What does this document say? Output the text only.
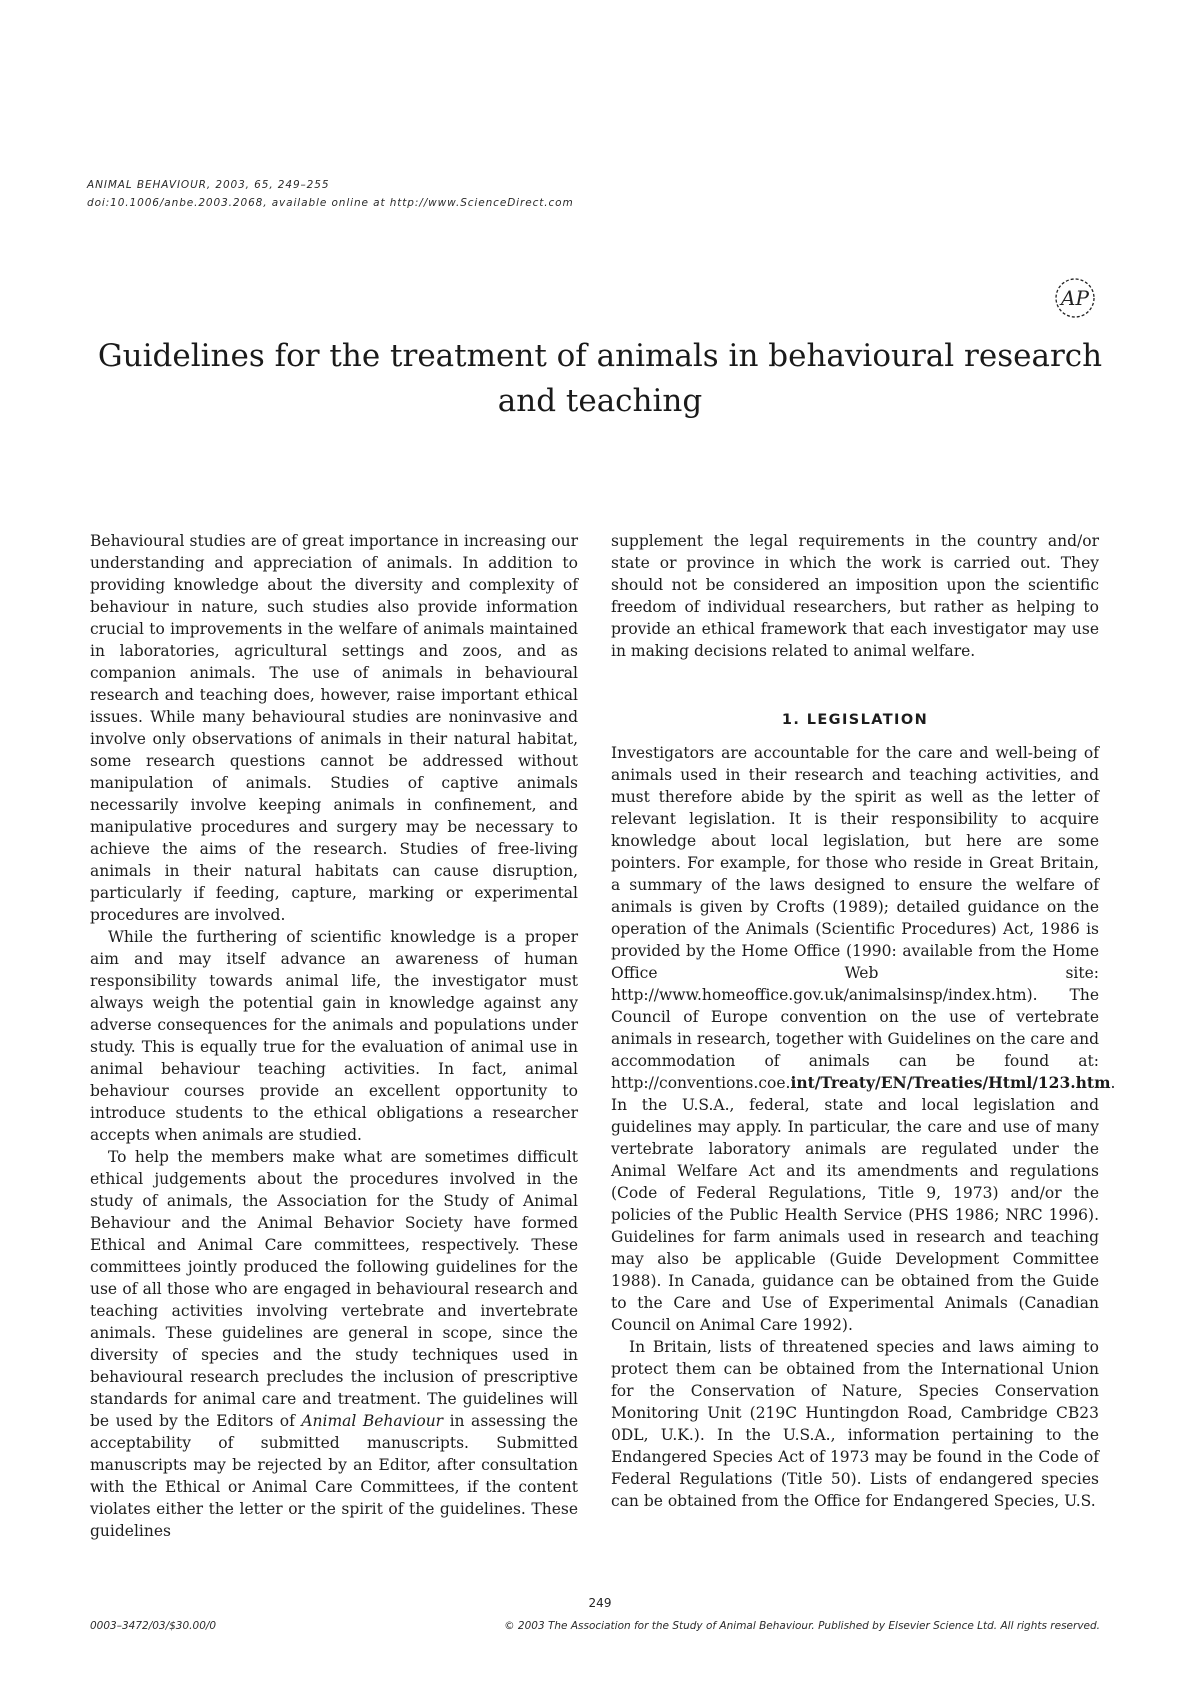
ANIMAL BEHAVIOUR, 2003, 65, 249–255
doi:10.1006/anbe.2003.2068, available online at http://www.ScienceDirect.com
AP
Guidelines for the treatment of animals in behavioural research and teaching

Behavioural studies are of great importance in increasing our understanding and appreciation of animals. In addition to providing knowledge about the diversity and complexity of behaviour in nature, such studies also provide information crucial to improvements in the welfare of animals maintained in laboratories, agricultural settings and zoos, and as companion animals. The use of animals in behavioural research and teaching does, however, raise important ethical issues. While many behavioural studies are noninvasive and involve only observations of animals in their natural habitat, some research questions cannot be addressed without manipulation of animals. Studies of captive animals necessarily involve keeping animals in confinement, and manipulative procedures and surgery may be necessary to achieve the aims of the research. Studies of free-living animals in their natural habitats can cause disruption, particularly if feeding, capture, marking or experimental procedures are involved.

While the furthering of scientific knowledge is a proper aim and may itself advance an awareness of human responsibility towards animal life, the investigator must always weigh the potential gain in knowledge against any adverse consequences for the animals and populations under study. This is equally true for the evaluation of animal use in animal behaviour teaching activities. In fact, animal behaviour courses provide an excellent opportunity to introduce students to the ethical obligations a researcher accepts when animals are studied.

To help the members make what are sometimes difficult ethical judgements about the procedures involved in the study of animals, the Association for the Study of Animal Behaviour and the Animal Behavior Society have formed Ethical and Animal Care committees, respectively. These committees jointly produced the following guidelines for the use of all those who are engaged in behavioural research and teaching activities involving vertebrate and invertebrate animals. These guidelines are general in scope, since the diversity of species and the study techniques used in behavioural research precludes the inclusion of prescriptive standards for animal care and treatment. The guidelines will be used by the Editors of Animal Behaviour in assessing the acceptability of submitted manuscripts. Submitted manuscripts may be rejected by an Editor, after consultation with the Ethical or Animal Care Committees, if the content violates either the letter or the spirit of the guidelines. These guidelines

supplement the legal requirements in the country and/or state or province in which the work is carried out. They should not be considered an imposition upon the scientific freedom of individual researchers, but rather as helping to provide an ethical framework that each investigator may use in making decisions related to animal welfare.

1. LEGISLATION

Investigators are accountable for the care and well-being of animals used in their research and teaching activities, and must therefore abide by the spirit as well as the letter of relevant legislation. It is their responsibility to acquire knowledge about local legislation, but here are some pointers. For example, for those who reside in Great Britain, a summary of the laws designed to ensure the welfare of animals is given by Crofts (1989); detailed guidance on the operation of the Animals (Scientific Procedures) Act, 1986 is provided by the Home Office (1990: available from the Home Office Web site: http://www.homeoffice.gov.uk/animalsinsp/index.htm). The Council of Europe convention on the use of vertebrate animals in research, together with Guidelines on the care and accommodation of animals can be found at: http://conventions.coe.int/Treaty/EN/Treaties/Html/123.htm. In the U.S.A., federal, state and local legislation and guidelines may apply. In particular, the care and use of many vertebrate laboratory animals are regulated under the Animal Welfare Act and its amendments and regulations (Code of Federal Regulations, Title 9, 1973) and/or the policies of the Public Health Service (PHS 1986; NRC 1996). Guidelines for farm animals used in research and teaching may also be applicable (Guide Development Committee 1988). In Canada, guidance can be obtained from the Guide to the Care and Use of Experimental Animals (Canadian Council on Animal Care 1992).

In Britain, lists of threatened species and laws aiming to protect them can be obtained from the International Union for the Conservation of Nature, Species Conservation Monitoring Unit (219C Huntingdon Road, Cambridge CB23 0DL, U.K.). In the U.S.A., information pertaining to the Endangered Species Act of 1973 may be found in the Code of Federal Regulations (Title 50). Lists of endangered species can be obtained from the Office for Endangered Species, U.S.

249
0003–3472/03/$30.00/0	© 2003 The Association for the Study of Animal Behaviour. Published by Elsevier Science Ltd. All rights reserved.
